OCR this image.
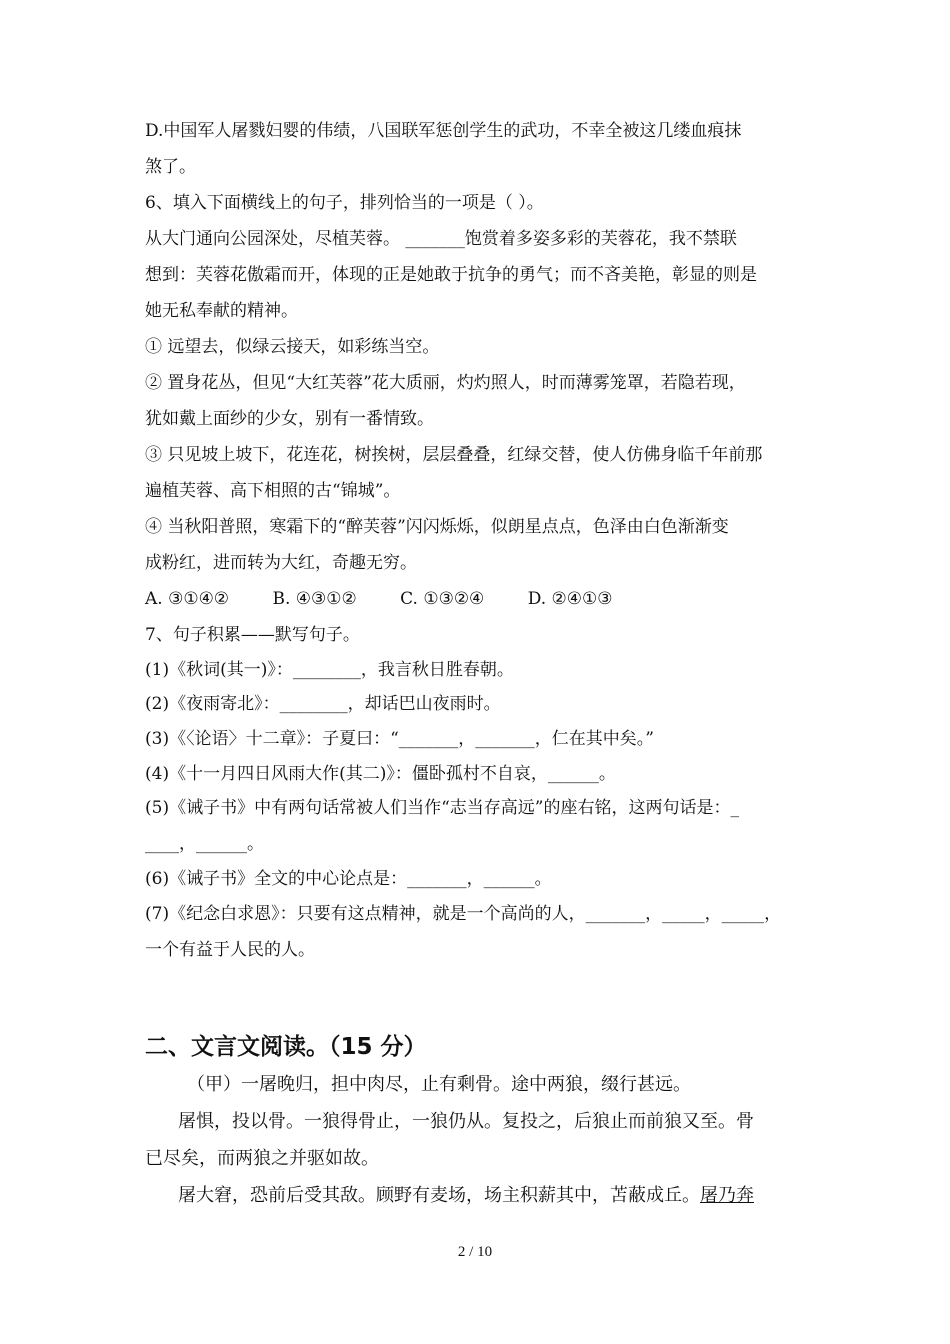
D.中国军人屠戮妇婴的伟绩，八国联军惩创学生的武功，不幸全被这几缕血痕抹
煞了。
6、填入下面横线上的句子，排列恰当的一项是（ ）。
从大门通向公园深处，尽植芙蓉。 _______饱赏着多姿多彩的芙蓉花，我不禁联
想到：芙蓉花傲霜而开，体现的正是她敢于抗争的勇气；而不吝美艳，彰显的则是
她无私奉献的精神。
① 远望去，似绿云接天，如彩练当空。
② 置身花丛，但见“大红芙蓉”花大质丽，灼灼照人，时而薄雾笼罩，若隐若现，
犹如戴上面纱的少女，别有一番情致。
③ 只见坡上坡下，花连花，树挨树，层层叠叠，红绿交替，使人仿佛身临千年前那
遍植芙蓉、高下相照的古“锦城”。
④ 当秋阳普照，寒霜下的“醉芙蓉”闪闪烁烁，似朗星点点，色泽由白色渐渐变
成粉红，进而转为大红，奇趣无穷。
A. ③①④②	B. ④③①②	C. ①③②④	D. ②④①③
7、句子积累——默写句子。
(1)《秋词(其一)》：________，我言秋日胜春朝。
(2)《夜雨寄北》：________，却话巴山夜雨时。
(3)《〈论语〉十二章》：子夏曰：“_______，_______，仁在其中矣。”
(4)《十一月四日风雨大作(其二)》：僵卧孤村不自哀，______。
(5)《诫子书》中有两句话常被人们当作“志当存高远”的座右铭，这两句话是：_
____，______。
(6)《诫子书》全文的中心论点是：_______，______。
(7)《纪念白求恩》：只要有这点精神，就是一个高尚的人，_______，_____，_____，
一个有益于人民的人。
二、文言文阅读。（15 分）
（甲）一屠晚归，担中肉尽，止有剩骨。途中两狼，缀行甚远。
屠惧，投以骨。一狼得骨止，一狼仍从。复投之，后狼止而前狼又至。骨
已尽矣，而两狼之并驱如故。
屠大窘，恐前后受其敌。顾野有麦场，场主积薪其中，苫蔽成丘。屠乃奔
2 / 10
